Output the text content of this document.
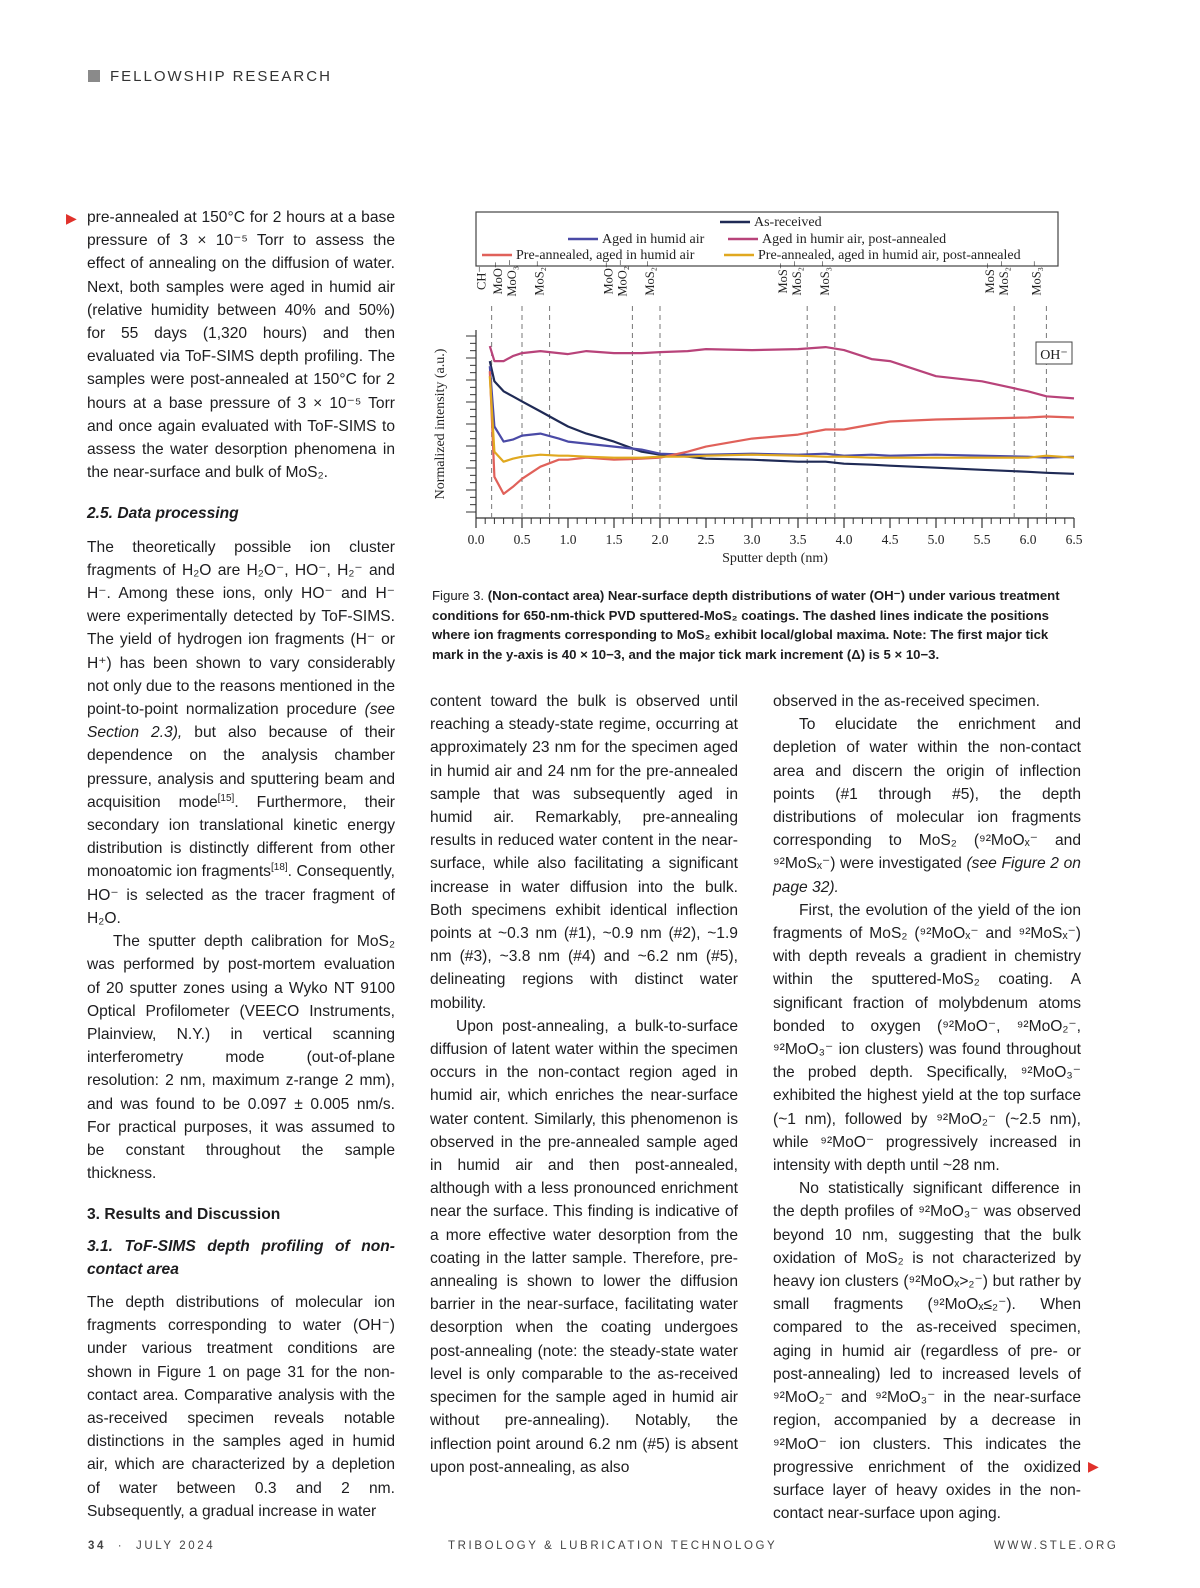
FELLOWSHIP RESEARCH
▶ pre-annealed at 150°C for 2 hours at a base pressure of 3 × 10⁻⁵ Torr to assess the effect of annealing on the diffusion of water. Next, both samples were aged in humid air (relative humidity between 40% and 50%) for 55 days (1,320 hours) and then evaluated via ToF-SIMS depth profiling. The samples were post-annealed at 150°C for 2 hours at a base pressure of 3 × 10⁻⁵ Torr and once again evaluated with ToF-SIMS to assess the water desorption phenomena in the near-surface and bulk of MoS₂.

2.5. Data processing

The theoretically possible ion cluster fragments of H₂O are H₂O⁻, HO⁻, H₂⁻ and H⁻. Among these ions, only HO⁻ and H⁻ were experimentally detected by ToF-SIMS. The yield of hydrogen ion fragments (H⁻ or H⁺) has been shown to vary considerably not only due to the reasons mentioned in the point-to-point normalization procedure (see Section 2.3), but also because of their dependence on the analysis chamber pressure, analysis and sputtering beam and acquisition mode[15]. Furthermore, their secondary ion translational kinetic energy distribution is distinctly different from other monoatomic ion fragments[18]. Consequently, HO⁻ is selected as the tracer fragment of H₂O.

The sputter depth calibration for MoS₂ was performed by post-mortem evaluation of 20 sputter zones using a Wyko NT 9100 Optical Profilometer (VEECO Instruments, Plainview, N.Y.) in vertical scanning interferometry mode (out-of-plane resolution: 2 nm, maximum z-range 2 mm), and was found to be 0.097 ± 0.005 nm/s. For practical purposes, it was assumed to be constant throughout the sample thickness.

3. Results and Discussion

3.1. ToF-SIMS depth profiling of non-contact area

The depth distributions of molecular ion fragments corresponding to water (OH⁻) under various treatment conditions are shown in Figure 1 on page 31 for the non-contact area. Comparative analysis with the as-received specimen reveals notable distinctions in the samples aged in humid air, which are characterized by a depletion of water between 0.3 and 2 nm. Subsequently, a gradual increase in water

As-received
Aged in humid air	Aged in humir air, post-annealed
Pre-annealed, aged in humid air	Pre-annealed, aged in humid air, post-annealed
0.0 0.5 1.0 1.5 2.0 2.5 3.0 3.5 4.0 4.5 5.0 5.5 6.0 6.5
Sputter depth (nm)
Normalized intensity (a.u.)
CH⁻ MoO⁻ MoO₃⁻ MoS₂⁻	MoO⁻ MoO₂⁻ MoS₂⁻	MoS⁻ MoS₂⁻ MoS₃⁻	MoS⁻ MoS₂⁻ MoS₃⁻
OH⁻
Figure 3. (Non-contact area) Near-surface depth distributions of water (OH⁻) under various treatment conditions for 650-nm-thick PVD sputtered-MoS₂ coatings. The dashed lines indicate the positions where ion fragments corresponding to MoS₂ exhibit local/global maxima. Note: The first major tick mark in the y-axis is 40 × 10−3, and the major tick mark increment (Δ) is 5 × 10−3.

content toward the bulk is observed until reaching a steady-state regime, occurring at approximately 23 nm for the specimen aged in humid air and 24 nm for the pre-annealed sample that was subsequently aged in humid air. Remarkably, pre-annealing results in reduced water content in the near-surface, while also facilitating a significant increase in water diffusion into the bulk. Both specimens exhibit identical inflection points at ~0.3 nm (#1), ~0.9 nm (#2), ~1.9 nm (#3), ~3.8 nm (#4) and ~6.2 nm (#5), delineating regions with distinct water mobility.

Upon post-annealing, a bulk-to-surface diffusion of latent water within the specimen occurs in the non-contact region aged in humid air, which enriches the near-surface water content. Similarly, this phenomenon is observed in the pre-annealed sample aged in humid air and then post-annealed, although with a less pronounced enrichment near the surface. This finding is indicative of a more effective water desorption from the coating in the latter sample. Therefore, pre-annealing is shown to lower the diffusion barrier in the near-surface, facilitating water desorption when the coating undergoes post-annealing (note: the steady-state water level is only comparable to the as-received specimen for the sample aged in humid air without pre-annealing). Notably, the inflection point around 6.2 nm (#5) is absent upon post-annealing, as also

observed in the as-received specimen.

To elucidate the enrichment and depletion of water within the non-contact area and discern the origin of inflection points (#1 through #5), the depth distributions of molecular ion fragments corresponding to MoS₂ (⁹²MoOₓ⁻ and ⁹²MoSₓ⁻) were investigated (see Figure 2 on page 32).

First, the evolution of the yield of the ion fragments of MoS₂ (⁹²MoOₓ⁻ and ⁹²MoSₓ⁻) with depth reveals a gradient in chemistry within the sputtered-MoS₂ coating. A significant fraction of molybdenum atoms bonded to oxygen (⁹²MoO⁻, ⁹²MoO₂⁻, ⁹²MoO₃⁻ ion clusters) was found throughout the probed depth. Specifically, ⁹²MoO₃⁻ exhibited the highest yield at the top surface (~1 nm), followed by ⁹²MoO₂⁻ (~2.5 nm), while ⁹²MoO⁻ progressively increased in intensity with depth until ~28 nm.

No statistically significant difference in the depth profiles of ⁹²MoO₃⁻ was observed beyond 10 nm, suggesting that the bulk oxidation of MoS₂ is not characterized by heavy ion clusters (⁹²MoOₓ>₂⁻) but rather by small fragments (⁹²MoOₓ≤₂⁻). When compared to the as-received specimen, aging in humid air (regardless of pre- or post-annealing) led to increased levels of ⁹²MoO₂⁻ and ⁹²MoO₃⁻ in the near-surface region, accompanied by a decrease in ⁹²MoO⁻ ion clusters. This indicates the progressive enrichment of the oxidized surface layer of heavy oxides in the non-contact near-surface upon aging.

▶
34 · JULY 2024	TRIBOLOGY & LUBRICATION TECHNOLOGY	WWW.STLE.ORG
